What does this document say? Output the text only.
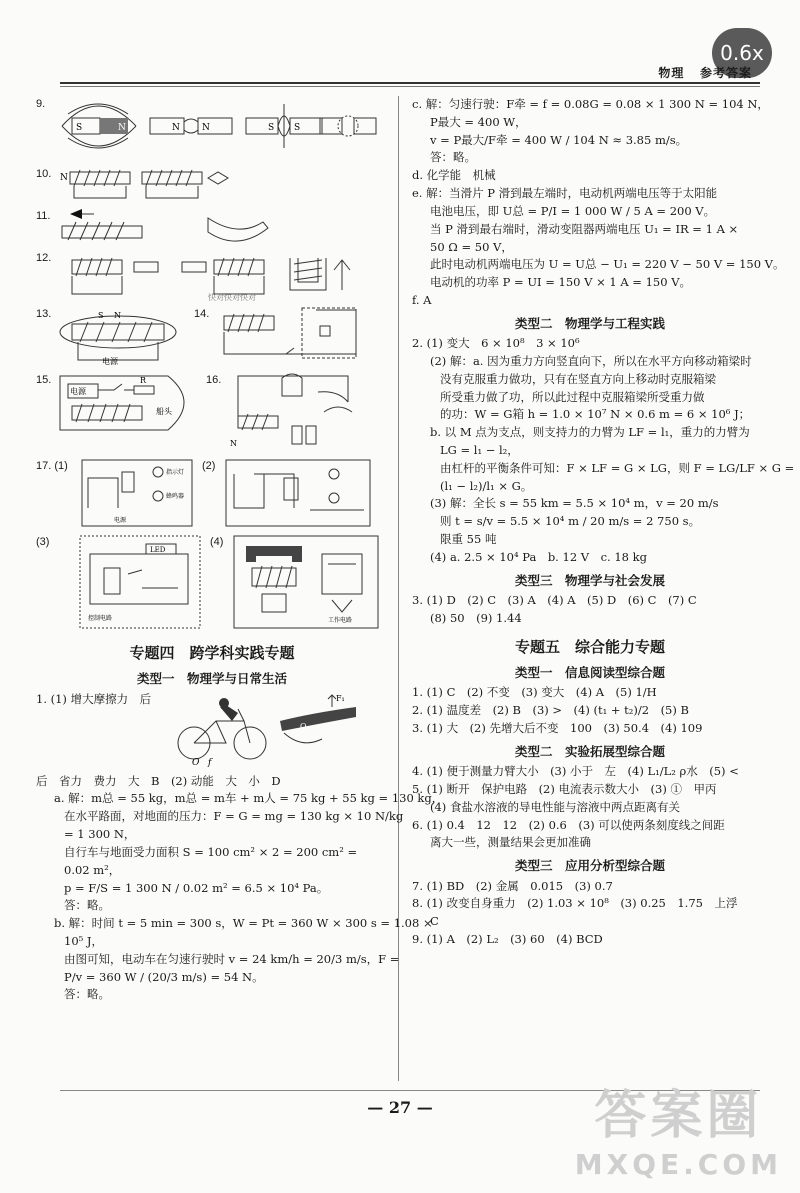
0.6x
物理 参考答案
9.
S	N	N N	S S
10. N
11.
12.
快对快对快对
13.	S N
电源
14.
15.
电源
R
船头
16.
N
17. (1)
指示灯
蜂鸣器
电源
(2)
(3)
LED
控制电路
(4)
工作电路
专题四　跨学科实践专题
类型一　物理学与日常生活
1. (1) 增大摩擦力　后
O f
F₁
O
后　省力　费力　大　B　(2) 动能　大　小　D
a. 解：m总 = 55 kg，m总 = m车 + m人 = 75 kg + 55 kg = 130 kg，
在水平路面，对地面的压力：F = G = mg = 130 kg × 10 N/kg
= 1 300 N，
自行车与地面受力面积 S = 100 cm² × 2 = 200 cm² =
0.02 m²，
p = F/S = 1 300 N / 0.02 m² = 6.5 × 10⁴ Pa。
答：略。
b. 解：时间 t = 5 min = 300 s，W = Pt = 360 W × 300 s = 1.08 ×
10⁵ J，
由图可知，电动车在匀速行驶时 v = 24 km/h = 20/3 m/s，F =
P/v = 360 W / (20/3 m/s) = 54 N。
答：略。
c. 解：匀速行驶：F牵 = f = 0.08G = 0.08 × 1 300 N = 104 N，
P最大 = 400 W，
v = P最大/F牵 = 400 W / 104 N ≈ 3.85 m/s。
答：略。
d. 化学能　机械
e. 解：当滑片 P 滑到最左端时，电动机两端电压等于太阳能
电池电压，即 U总 = P/I = 1 000 W / 5 A = 200 V。
当 P 滑到最右端时，滑动变阻器两端电压 U₁ = IR = 1 A ×
50 Ω = 50 V，
此时电动机两端电压为 U = U总 − U₁ = 220 V − 50 V = 150 V。
电动机的功率 P = UI = 150 V × 1 A = 150 V。
f. A
类型二　物理学与工程实践
2. (1) 变大　6 × 10⁸　3 × 10⁶
(2) 解：a. 因为重力方向竖直向下，所以在水平方向移动箱梁时
没有克服重力做功，只有在竖直方向上移动时克服箱梁
所受重力做了功，所以此过程中克服箱梁所受重力做
的功：W = G箱 h = 1.0 × 10⁷ N × 0.6 m = 6 × 10⁶ J；
b. 以 M 点为支点，则支持力的力臂为 LF = l₁，重力的力臂为
LG = l₁ − l₂，
由杠杆的平衡条件可知：F × LF = G × LG，则 F = LG/LF × G =
(l₁ − l₂)/l₁ × G。
(3) 解：全长 s = 55 km = 5.5 × 10⁴ m，v = 20 m/s
则 t = s/v = 5.5 × 10⁴ m / 20 m/s = 2 750 s。
限重 55 吨
(4) a. 2.5 × 10⁴ Pa　b. 12 V　c. 18 kg
类型三　物理学与社会发展
3. (1) D　(2) C　(3) A　(4) A　(5) D　(6) C　(7) C
(8) 50　(9) 1.44
专题五　综合能力专题
类型一　信息阅读型综合题
1. (1) C　(2) 不变　(3) 变大　(4) A　(5) 1/H
2. (1) 温度差　(2) B　(3) >　(4) (t₁ + t₂)/2　(5) B
3. (1) 大　(2) 先增大后不变　100　(3) 50.4　(4) 109
类型二　实验拓展型综合题
4. (1) 便于测量力臂大小　(3) 小于　左　(4) L₁/L₂ ρ水　(5) <
5. (1) 断开　保护电路　(2) 电流表示数大小　(3) ①　甲丙
(4) 食盐水溶液的导电性能与溶液中两点距离有关
6. (1) 0.4　12　12　(2) 0.6　(3) 可以使两条刻度线之间距
离大一些，测量结果会更加准确
类型三　应用分析型综合题
7. (1) BD　(2) 金属　0.015　(3) 0.7
8. (1) 改变自身重力　(2) 1.03 × 10⁸　(3) 0.25　1.75　上浮
C
9. (1) A　(2) L₂　(3) 60　(4) BCD
— 27 —	答案圈
MXQE.COM
